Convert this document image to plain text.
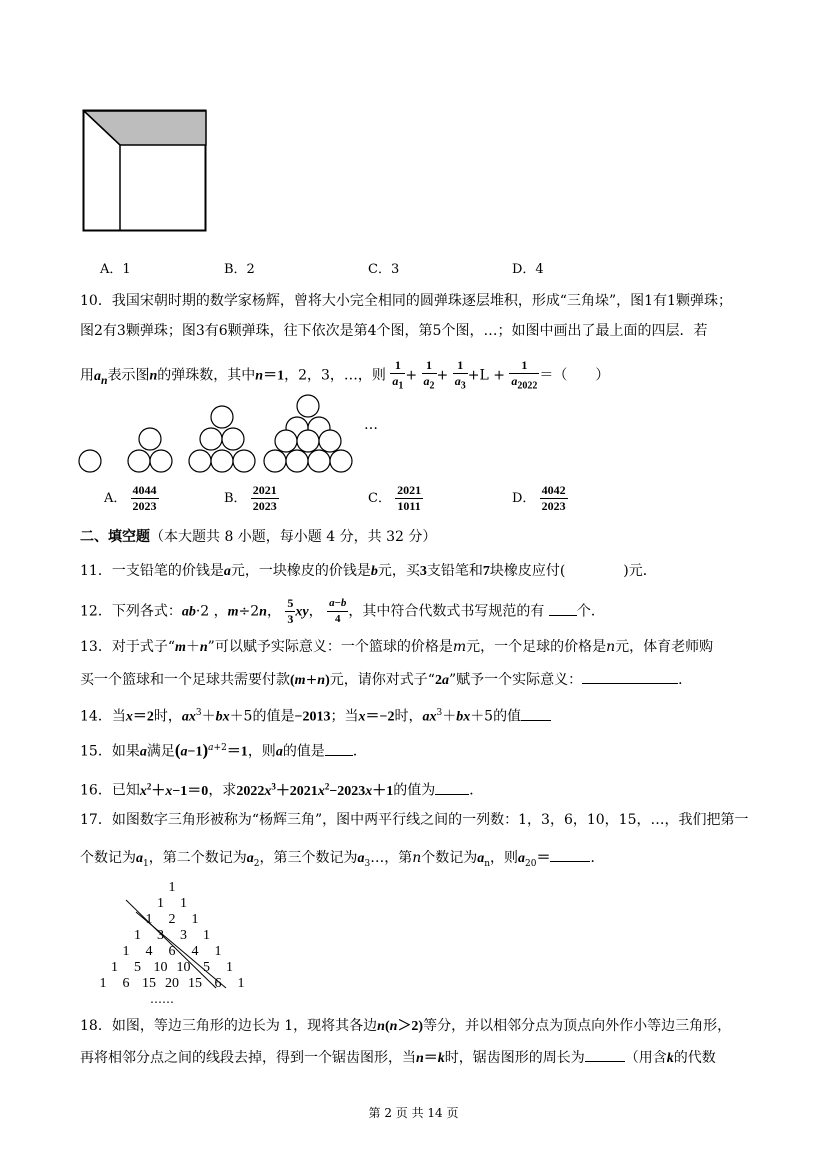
A．1	B．2	C．3	D．4
10．我国宋朝时期的数学家杨辉，曾将大小完全相同的圆弹珠逐层堆积，形成“三角垛”，图1有1颗弹珠；
图2有3颗弹珠；图3有6颗弹珠，往下依次是第4个图，第5个图，…；如图中画出了最上面的四层．若
用$a_n$表示图n的弹珠数，其中n＝1，2，3，…，则 $\frac{1}{a_1} + \frac{1}{a_2} + \frac{1}{a_3} +L + \frac{1}{a_{2022}}$ ＝（　　）
…
A． $\frac{4044}{2023}$	B． $\frac{2021}{2023}$	C． $\frac{2021}{1011}$	D． $\frac{4042}{2023}$
二、填空题（本大题共 8 小题，每小题 4 分，共 32 分）
11．一支铅笔的价钱是a元，一块橡皮的价钱是b元，买3支铅笔和7块橡皮应付(	)元．
12．下列各式：ab·2 ，m÷2n， $\frac{5}{3}$ xy， $\frac{a-b}{4}$ ，其中符合代数式书写规范的有 个．
13．对于式子“m＋n”可以赋予实际意义：一个篮球的价格是m元，一个足球的价格是n元，体育老师购
买一个篮球和一个足球共需要付款(m+n)元，请你对式子“2a”赋予一个实际意义：	．
14．当x＝2时，$ax^3+bx+5$的值是−2013；当x＝−2时，$ax^3+bx+5$的值
15．如果a满足$(a-1)^{a+2}=1$，则a的值是 ．
16．已知$x^2+x-1=0$，求$2022x^3+2021x^2-2023x+1$的值为 ．
17．如图数字三角形被称为“杨辉三角”，图中两平行线之间的一列数：1，3，6，10，15，…，我们把第一
个数记为$a_1$，第二个数记为$a_2$，第三个数记为$a_3\dots$，第n个数记为$a_n$，则$a_{20}=$	．
1
1	1
1	2	1
1	3	3	1
1	4	6	4	1
1	5 10 10 5	1
1	6 15 20 15 6	1
……
18．如图，等边三角形的边长为 1，现将其各边n(n＞2)等分，并以相邻分点为顶点向外作小等边三角形，
再将相邻分点之间的线段去掉，得到一个锯齿图形，当n＝k时，锯齿图形的周长为	（用含k的代数
第 2 页 共 14 页
